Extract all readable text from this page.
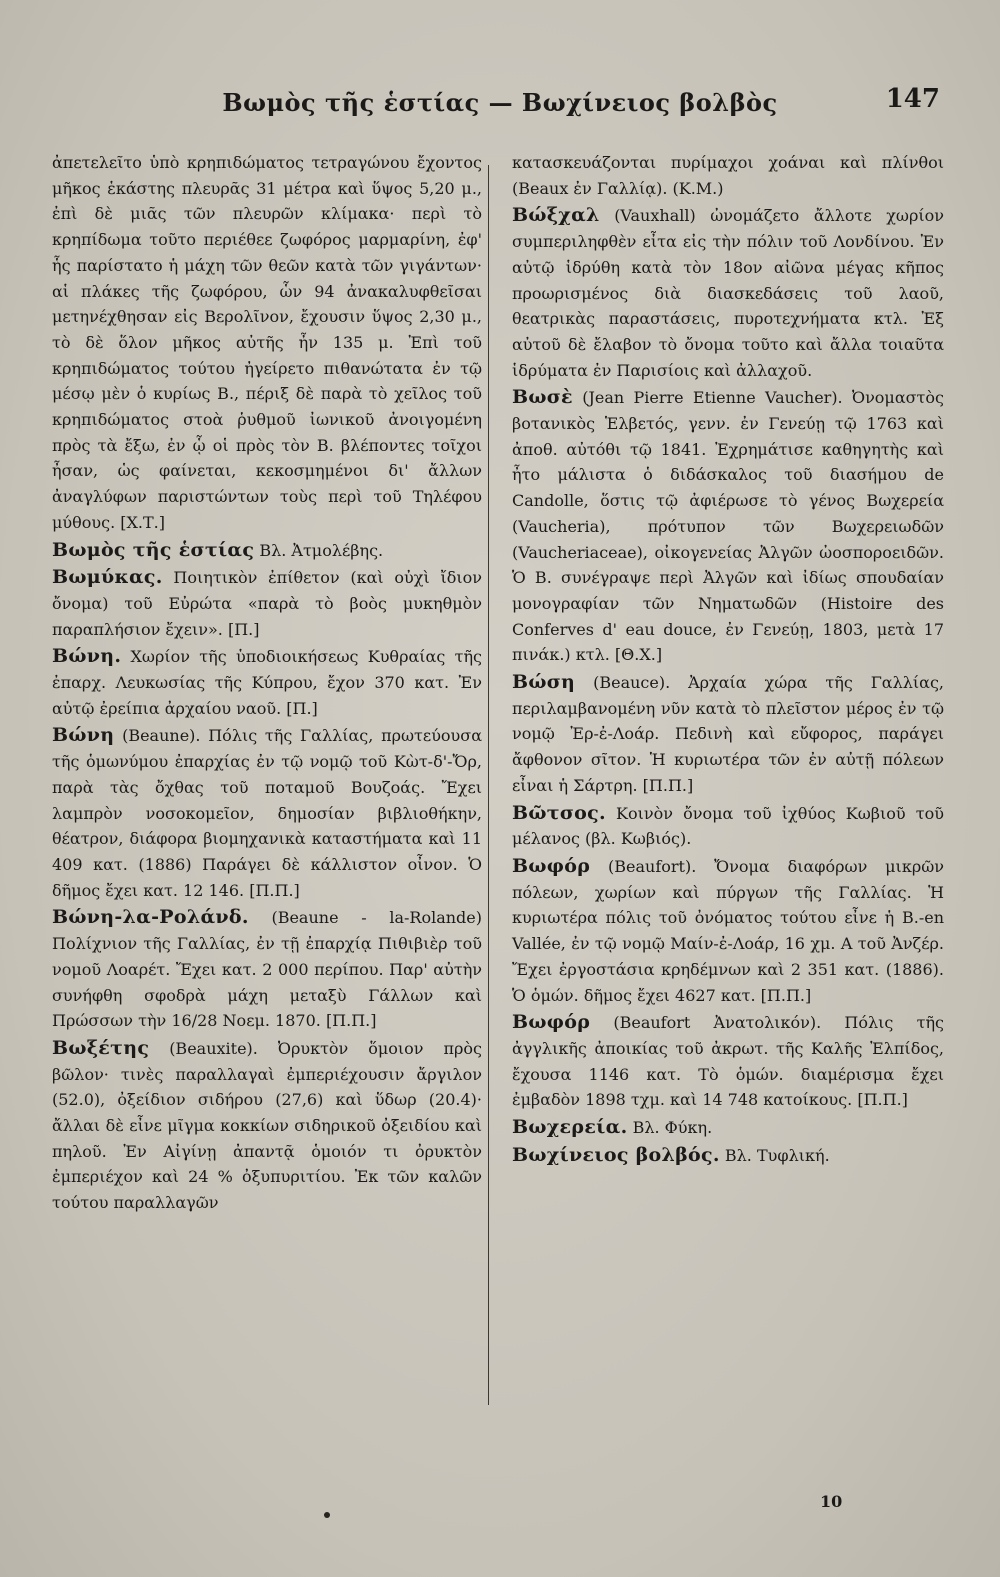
Βωμὸς τῆς ἑστίας — Βωχίνειος βολβὸς	147

ἀπετελεῖτο ὑπὸ κρηπιδώματος τετραγώνου ἔχοντος μῆκος ἑκάστης πλευρᾶς 31 μέτρα καὶ ὕψος 5,20 μ., ἐπὶ δὲ μιᾶς τῶν πλευρῶν κλίμακα· περὶ τὸ κρηπίδωμα τοῦτο περιέθεε ζωφόρος μαρμαρίνη, ἐφ' ἧς παρίστατο ἡ μάχη τῶν θεῶν κατὰ τῶν γιγάντων· αἱ πλάκες τῆς ζωφόρου, ὧν 94 ἀνακαλυφθεῖσαι μετηνέχθησαν εἰς Βερολῖνον, ἔχουσιν ὕψος 2,30 μ., τὸ δὲ ὅλον μῆκος αὐτῆς ἦν 135 μ. Ἐπὶ τοῦ κρηπιδώματος τούτου ἠγείρετο πιθανώτατα ἐν τῷ μέσῳ μὲν ὁ κυρίως Β., πέριξ δὲ παρὰ τὸ χεῖλος τοῦ κρηπιδώματος στοὰ ῥυθμοῦ ἰωνικοῦ ἀνοιγομένη πρὸς τὰ ἔξω, ἐν ᾧ οἱ πρὸς τὸν Β. βλέποντες τοῖχοι ἦσαν, ὡς φαίνεται, κεκοσμημένοι δι' ἄλλων ἀναγλύφων παριστώντων τοὺς περὶ τοῦ Τηλέφου μύθους. [Χ.Τ.]

Βωμὸς τῆς ἑστίας Βλ. Ἀτμολέβης.

Βωμύκας. Ποιητικὸν ἐπίθετον (καὶ οὐχὶ ἴδιον ὄνομα) τοῦ Εὐρώτα «παρὰ τὸ βοὸς μυκηθμὸν παραπλήσιον ἔχειν». [Π.]

Βώνη. Χωρίον τῆς ὑποδιοικήσεως Κυθραίας τῆς ἐπαρχ. Λευκωσίας τῆς Κύπρου, ἔχον 370 κατ. Ἐν αὐτῷ ἐρείπια ἀρχαίου ναοῦ. [Π.]

Βώνη (Beaune). Πόλις τῆς Γαλλίας, πρωτεύουσα τῆς ὁμωνύμου ἐπαρχίας ἐν τῷ νομῷ τοῦ Κὼτ-δ'-Ὄρ, παρὰ τὰς ὄχθας τοῦ ποταμοῦ Βουζοάς. Ἔχει λαμπρὸν νοσοκομεῖον, δημοσίαν βιβλιοθήκην, θέατρον, διάφορα βιομηχανικὰ καταστήματα καὶ 11 409 κατ. (1886) Παράγει δὲ κάλλιστον οἶνον. Ὁ δῆμος ἔχει κατ. 12 146. [Π.Π.]

Βώνη-λα-Ρολάνδ. (Beaune - la-Rolande) Πολίχνιον τῆς Γαλλίας, ἐν τῇ ἐπαρχίᾳ Πιθιβιὲρ τοῦ νομοῦ Λοαρέτ. Ἔχει κατ. 2 000 περίπου. Παρ' αὐτὴν συνήφθη σφοδρὰ μάχη μεταξὺ Γάλλων καὶ Πρώσσων τὴν 16/28 Νοεμ. 1870. [Π.Π.]

Βωξέτης (Beauxite). Ὀρυκτὸν ὅμοιον πρὸς βῶλον· τινὲς παραλλαγαὶ ἐμπεριέχουσιν ἄργιλον (52.0), ὀξείδιον σιδήρου (27,6) καὶ ὕδωρ (20.4)· ἄλλαι δὲ εἶνε μῖγμα κοκκίων σιδηρικοῦ ὀξειδίου καὶ πηλοῦ. Ἐν Αἰγίνῃ ἀπαντᾷ ὁμοιόν τι ὀρυκτὸν ἐμπεριέχον καὶ 24 % ὀξυπυριτίου. Ἐκ τῶν καλῶν τούτου παραλλαγῶν

κατασκευάζονται πυρίμαχοι χοάναι καὶ πλίνθοι (Beaux ἐν Γαλλίᾳ). (Κ.Μ.)

Βώξχαλ (Vauxhall) ὠνομάζετο ἄλλοτε χωρίον συμπεριληφθὲν εἶτα εἰς τὴν πόλιν τοῦ Λονδίνου. Ἐν αὐτῷ ἱδρύθη κατὰ τὸν 18ον αἰῶνα μέγας κῆπος προωρισμένος διὰ διασκεδάσεις τοῦ λαοῦ, θεατρικὰς παραστάσεις, πυροτεχνήματα κτλ. Ἐξ αὐτοῦ δὲ ἔλαβον τὸ ὄνομα τοῦτο καὶ ἄλλα τοιαῦτα ἱδρύματα ἐν Παρισίοις καὶ ἀλλαχοῦ.

Βωσὲ (Jean Pierre Etienne Vaucher). Ὀνομαστὸς βοτανικὸς Ἑλβετός, γενν. ἐν Γενεύῃ τῷ 1763 καὶ ἀποθ. αὐτόθι τῷ 1841. Ἐχρημάτισε καθηγητὴς καὶ ἦτο μάλιστα ὁ διδάσκαλος τοῦ διασήμου de Candolle, ὅστις τῷ ἀφιέρωσε τὸ γένος Βωχερεία (Vaucheria), πρότυπον τῶν Βωχερειωδῶν (Vaucheriaceae), οἰκογενείας Ἀλγῶν ὠοσποροειδῶν. Ὁ Β. συνέγραψε περὶ Ἀλγῶν καὶ ἰδίως σπουδαίαν μονογραφίαν τῶν Νηματωδῶν (Histoire des Conferves d' eau douce, ἐν Γενεύῃ, 1803, μετὰ 17 πινάκ.) κτλ. [Θ.Χ.]

Βώση (Beauce). Ἀρχαία χώρα τῆς Γαλλίας, περιλαμβανομένη νῦν κατὰ τὸ πλεῖστον μέρος ἐν τῷ νομῷ Ἐρ-ἐ-Λοάρ. Πεδινὴ καὶ εὔφορος, παράγει ἄφθονον σῖτον. Ἡ κυριωτέρα τῶν ἐν αὐτῇ πόλεων εἶναι ἡ Σάρτρη. [Π.Π.]

Βῶτσος. Κοινὸν ὄνομα τοῦ ἰχθύος Κωβιοῦ τοῦ μέλανος (βλ. Κωβιός).

Βωφόρ (Beaufort). Ὄνομα διαφόρων μικρῶν πόλεων, χωρίων καὶ πύργων τῆς Γαλλίας. Ἡ κυριωτέρα πόλις τοῦ ὀνόματος τούτου εἶνε ἡ Β.-en Vallée, ἐν τῷ νομῷ Μαίν-ἐ-Λοάρ, 16 χμ. Α τοῦ Ἀνζέρ. Ἔχει ἐργοστάσια κρηδέμνων καὶ 2 351 κατ. (1886). Ὁ ὁμών. δῆμος ἔχει 4627 κατ. [Π.Π.]

Βωφόρ (Beaufort Ἀνατολικόν). Πόλις τῆς ἀγγλικῆς ἀποικίας τοῦ ἀκρωτ. τῆς Καλῆς Ἐλπίδος, ἔχουσα 1146 κατ. Τὸ ὁμών. διαμέρισμα ἔχει ἐμβαδὸν 1898 τχμ. καὶ 14 748 κατοίκους. [Π.Π.]

Βωχερεία. Βλ. Φύκη.

Βωχίνειος βολβός. Βλ. Τυφλική.

10
